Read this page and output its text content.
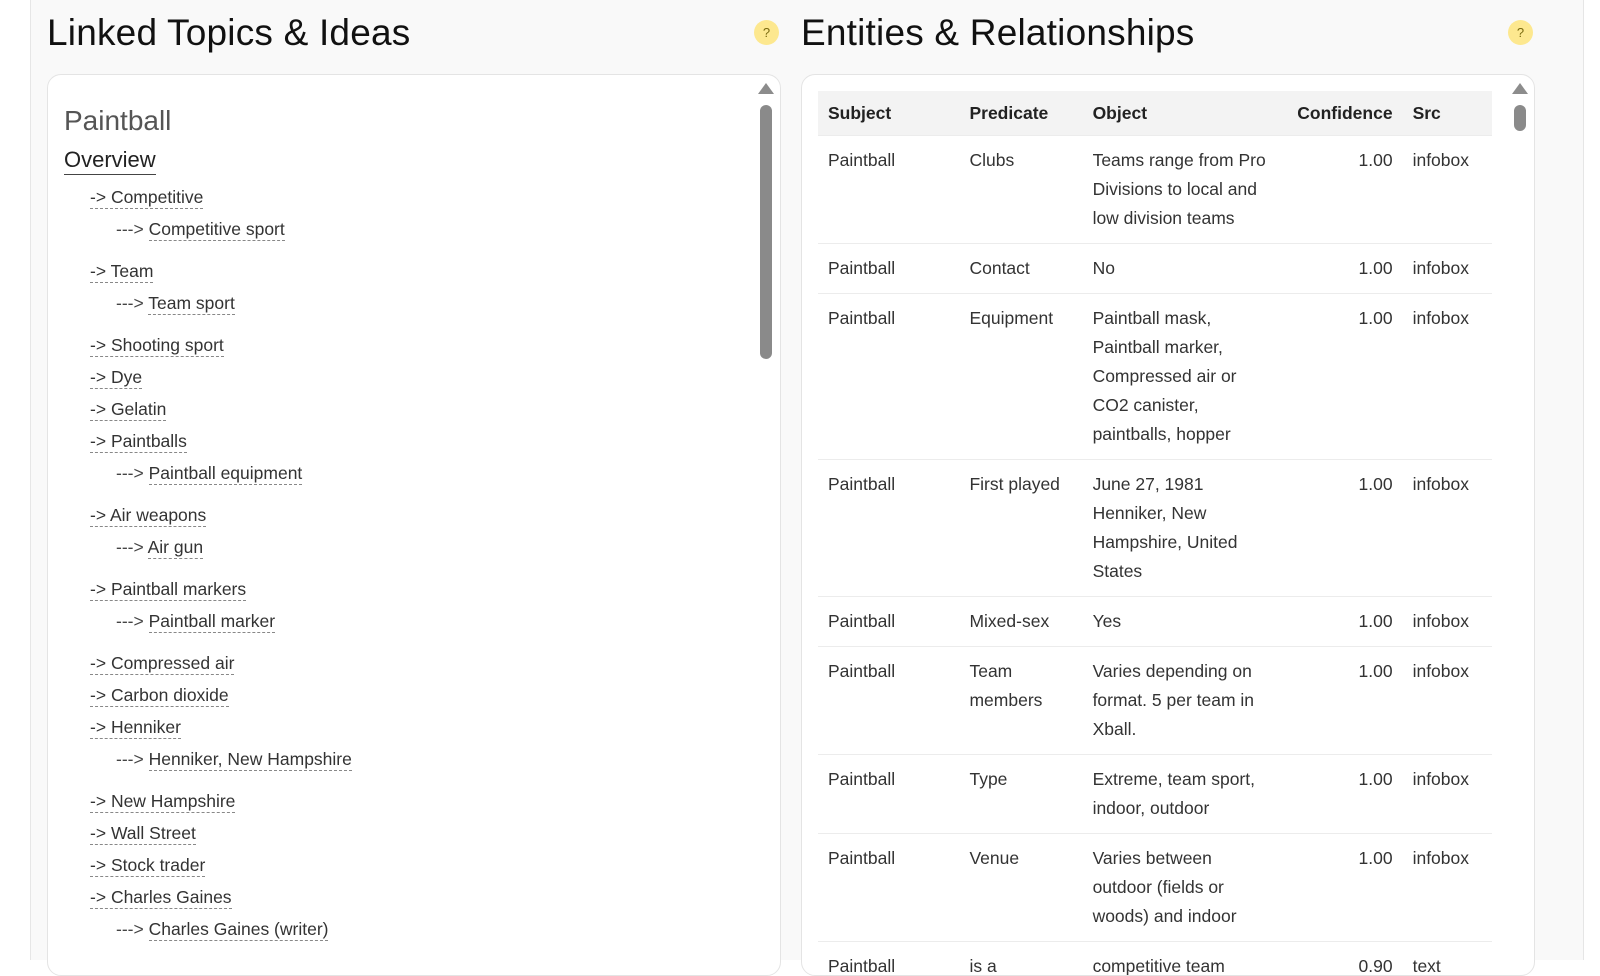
Linked Topics & Ideas	?
Paintball
Overview
-> Competitive
---> Competitive sport
-> Team
---> Team sport
-> Shooting sport
-> Dye
-> Gelatin
-> Paintballs
---> Paintball equipment
-> Air weapons
---> Air gun
-> Paintball markers
---> Paintball marker
-> Compressed air
-> Carbon dioxide
-> Henniker
---> Henniker, New Hampshire
-> New Hampshire
-> Wall Street
-> Stock trader
-> Charles Gaines
---> Charles Gaines (writer)
Entities & Relationships	?
Subject	Predicate	Object	Confidence	Src
Paintball	Clubs	Teams range from Pro Divisions to local and low division teams	1.00	infobox
Paintball	Contact	No	1.00	infobox
Paintball	Equipment	Paintball mask, Paintball marker, Compressed air or CO2 canister, paintballs, hopper	1.00	infobox
Paintball	First played	June 27, 1981 Henniker, New Hampshire, United States	1.00	infobox
Paintball	Mixed-sex	Yes	1.00	infobox
Paintball	Team members	Varies depending on format. 5 per team in Xball.	1.00	infobox
Paintball	Type	Extreme, team sport, indoor, outdoor	1.00	infobox
Paintball	Venue	Varies between outdoor (fields or woods) and indoor	1.00	infobox
Paintball	is a	competitive team	0.90	text
